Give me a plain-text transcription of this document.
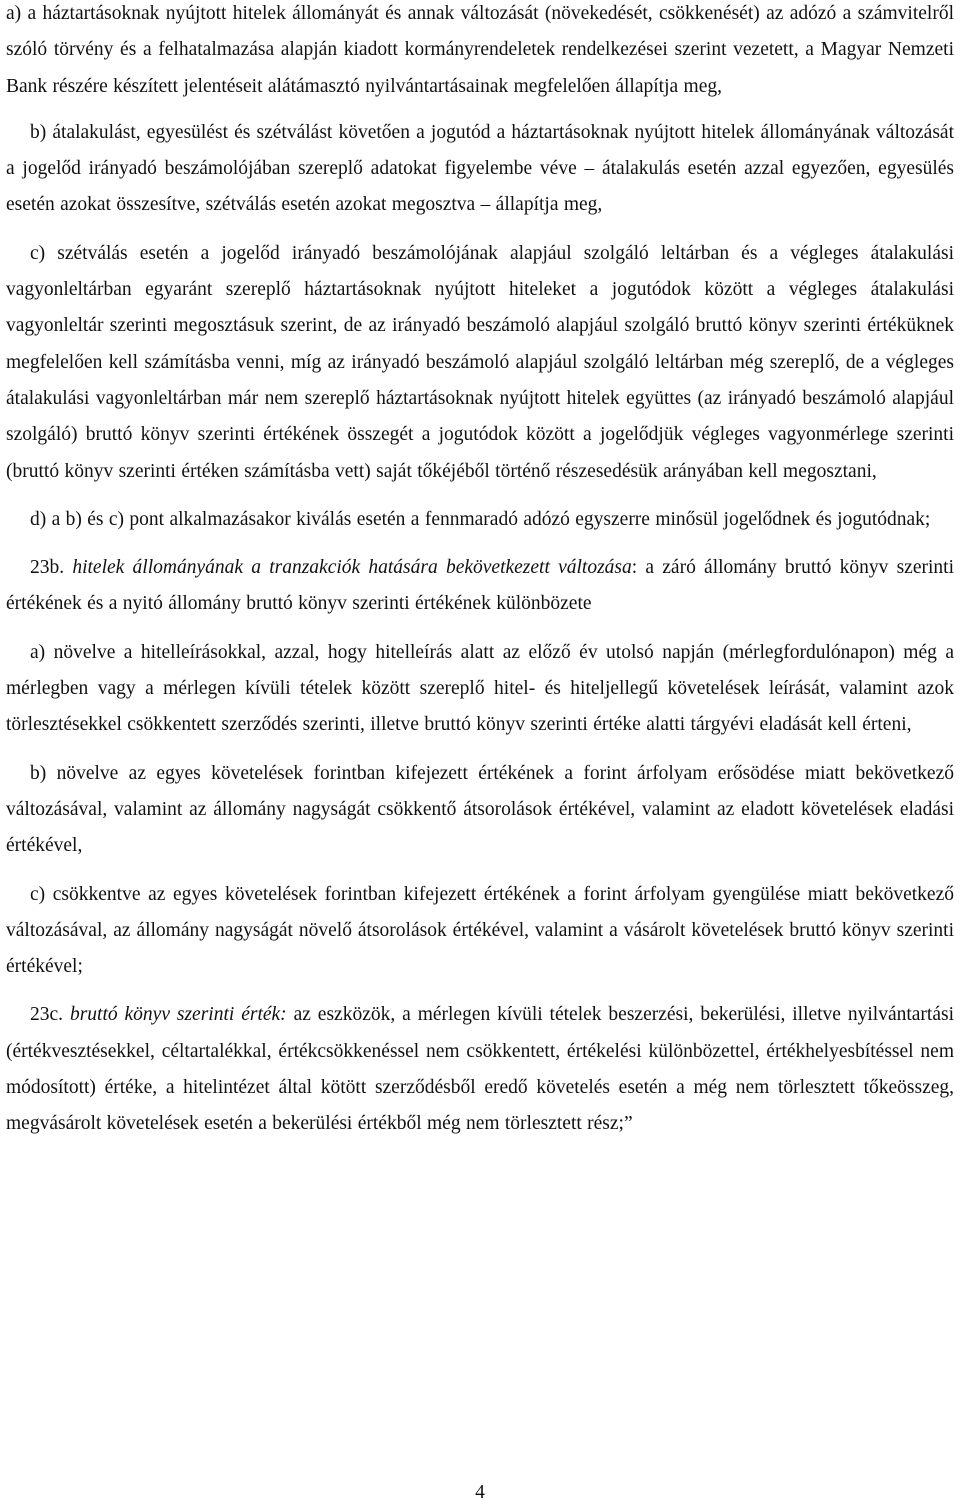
a) a háztartásoknak nyújtott hitelek állományát és annak változását (növekedését, csökkenését) az adózó a számvitelről szóló törvény és a felhatalmazása alapján kiadott kormányrendeletek rendelkezései szerint vezetett, a Magyar Nemzeti Bank részére készített jelentéseit alátámasztó nyilvántartásainak megfelelően állapítja meg,

b) átalakulást, egyesülést és szétválást követően a jogutód a háztartásoknak nyújtott hitelek állományának változását a jogelőd irányadó beszámolójában szereplő adatokat figyelembe véve – átalakulás esetén azzal egyezően, egyesülés esetén azokat összesítve, szétválás esetén azokat megosztva – állapítja meg,

c) szétválás esetén a jogelőd irányadó beszámolójának alapjául szolgáló leltárban és a végleges átalakulási vagyonleltárban egyaránt szereplő háztartásoknak nyújtott hiteleket a jogutódok között a végleges átalakulási vagyonleltár szerinti megosztásuk szerint, de az irányadó beszámoló alapjául szolgáló bruttó könyv szerinti értéküknek megfelelően kell számításba venni, míg az irányadó beszámoló alapjául szolgáló leltárban még szereplő, de a végleges átalakulási vagyonleltárban már nem szereplő háztartásoknak nyújtott hitelek együttes (az irányadó beszámoló alapjául szolgáló) bruttó könyv szerinti értékének összegét a jogutódok között a jogelődjük végleges vagyonmérlege szerinti (bruttó könyv szerinti értéken számításba vett) saját tőkéjéből történő részesedésük arányában kell megosztani,

d) a b) és c) pont alkalmazásakor kiválás esetén a fennmaradó adózó egyszerre minősül jogelődnek és jogutódnak;

23b. hitelek állományának a tranzakciók hatására bekövetkezett változása: a záró állomány bruttó könyv szerinti értékének és a nyitó állomány bruttó könyv szerinti értékének különbözete

a) növelve a hitelleírásokkal, azzal, hogy hitelleírás alatt az előző év utolsó napján (mérlegfordulónapon) még a mérlegben vagy a mérlegen kívüli tételek között szereplő hitel- és hiteljellegű követelések leírását, valamint azok törlesztésekkel csökkentett szerződés szerinti, illetve bruttó könyv szerinti értéke alatti tárgyévi eladását kell érteni,

b) növelve az egyes követelések forintban kifejezett értékének a forint árfolyam erősödése miatt bekövetkező változásával, valamint az állomány nagyságát csökkentő átsorolások értékével, valamint az eladott követelések eladási értékével,

c) csökkentve az egyes követelések forintban kifejezett értékének a forint árfolyam gyengülése miatt bekövetkező változásával, az állomány nagyságát növelő átsorolások értékével, valamint a vásárolt követelések bruttó könyv szerinti értékével;

23c. bruttó könyv szerinti érték: az eszközök, a mérlegen kívüli tételek beszerzési, bekerülési, illetve nyilvántartási (értékvesztésekkel, céltartalékkal, értékcsökkenéssel nem csökkentett, értékelési különbözettel, értékhelyesbítéssel nem módosított) értéke, a hitelintézet által kötött szerződésből eredő követelés esetén a még nem törlesztett tőkeösszeg, megvásárolt követelések esetén a bekerülési értékből még nem törlesztett rész;”

4
